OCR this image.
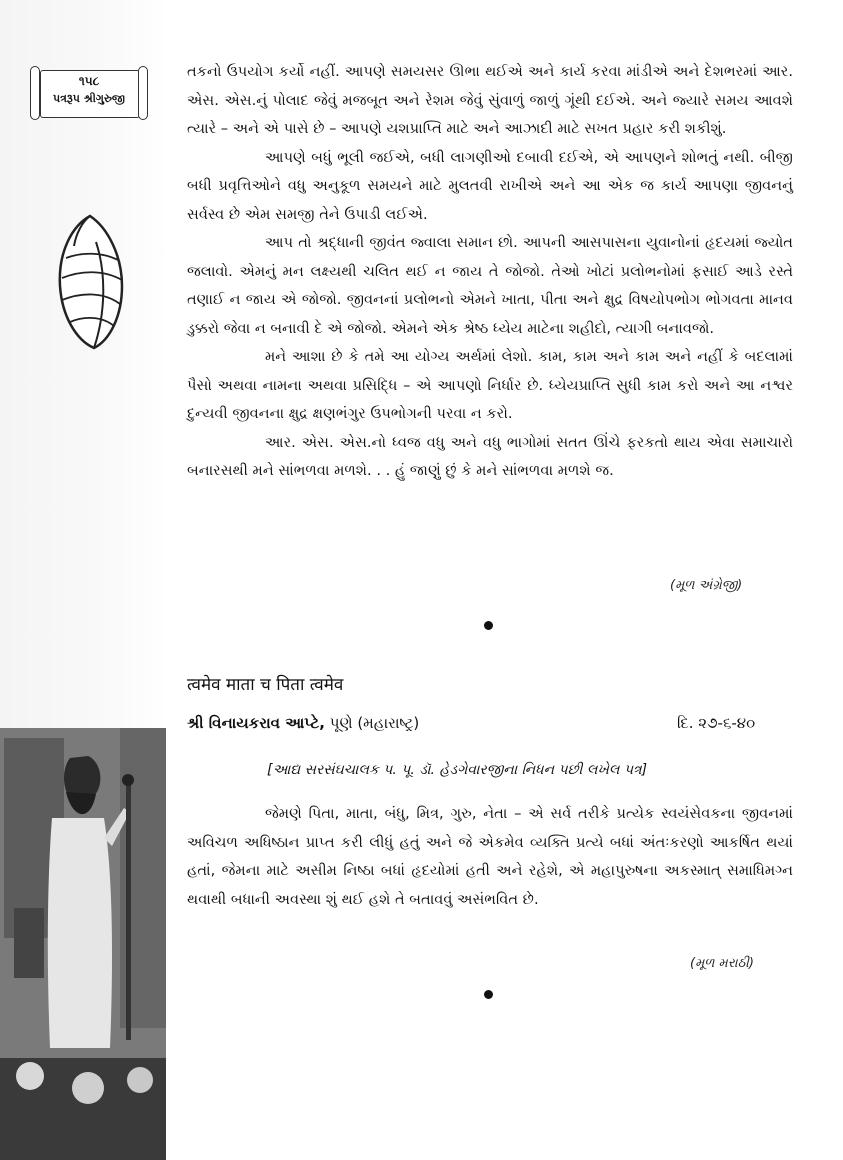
૧૫૮
પત્રરૂપ શ્રીગુરુજી

તકનો ઉપયોગ કર્યો નહીં. આપણે સમયસર ઊભા થઈએ અને કાર્ય કરવા માંડીએ અને દેશભરમાં આર. એસ. એસ.નું પોલાદ જેવું મજબૂત અને રેશમ જેવું સુંવાળું જાળું ગૂંથી દઈએ. અને જ્યારે સમય આવશે ત્યારે – અને એ પાસે છે – આપણે યશપ્રાપ્તિ માટે અને આઝાદી માટે સખત પ્રહાર કરી શકીશું.

આપણે બધું ભૂલી જઈએ, બધી લાગણીઓ દબાવી દઈએ, એ આપણને શોભતું નથી. બીજી બધી પ્રવૃત્તિઓને વધુ અનુકૂળ સમયને માટે મુલતવી રાખીએ અને આ એક જ કાર્ય આપણા જીવનનું સર્વસ્વ છે એમ સમજી તેને ઉપાડી લઈએ.

આપ તો શ્રદ્ધાની જીવંત જ્વાલા સમાન છો. આપની આસપાસના યુવાનોનાં હૃદયમાં જ્યોત જલાવો. એમનું મન લક્ષ્યથી ચલિત થઈ ન જાય તે જોજો. તેઓ ખોટાં પ્રલોભનોમાં ફસાઈ આડે રસ્તે તણાઈ ન જાય એ જોજો. જીવનનાં પ્રલોભનો એમને ખાતા, પીતા અને ક્ષુદ્ર વિષયોપભોગ ભોગવતા માનવ ડુક્કરો જેવા ન બનાવી દે એ જોજો. એમને એક શ્રેષ્ઠ ધ્યેય માટેના શહીદો, ત્યાગી બનાવજો.

મને આશા છે કે તમે આ યોગ્ય અર્થમાં લેશો. કામ, કામ અને કામ અને નહીં કે બદલામાં પૈસો અથવા નામના અથવા પ્રસિદ્ધિ – એ આપણો નિર્ધાર છે. ધ્યેયપ્રાપ્તિ સુધી કામ કરો અને આ નશ્વર દુન્યવી જીવનના ક્ષુદ્ર ક્ષણભંગુર ઉપભોગની પરવા ન કરો.

આર. એસ. એસ.નો ધ્વજ વધુ અને વધુ ભાગોમાં સતત ઊંચે ફરકતો થાય એવા સમાચારો બનારસથી મને સાંભળવા મળશે. . . હું જાણું છું કે મને સાંભળવા મળશે જ.

(મૂળ અંગ્રેજી)
त्वमेव माता च पिता त्वमेव
શ્રી વિનાયકરાવ આપ્ટે, પૂણે (મહારાષ્ટ્ર)	દિ. ૨૭-૬-૪૦
[આદ્ય સરસંઘચાલક પ. પૂ. ડૉ. હેડગેવારજીના નિધન પછી લખેલ પત્ર]

જેમણે પિતા, માતા, બંધુ, મિત્ર, ગુરુ, નેતા – એ સર્વ તરીકે પ્રત્યેક સ્વયંસેવકના જીવનમાં અવિચળ અધિષ્ઠાન પ્રાપ્ત કરી લીધું હતું અને જે એકમેવ વ્યક્તિ પ્રત્યે બધાં અંતઃકરણો આકર્ષિત થયાં હતાં, જેમના માટે અસીમ નિષ્ઠા બધાં હૃદયોમાં હતી અને રહેશે, એ મહાપુરુષના અકસ્માત્ સમાધિમગ્ન થવાથી બધાની અવસ્થા શું થઈ હશે તે બતાવવું અસંભવિત છે.

(મૂળ મરાઠી)
